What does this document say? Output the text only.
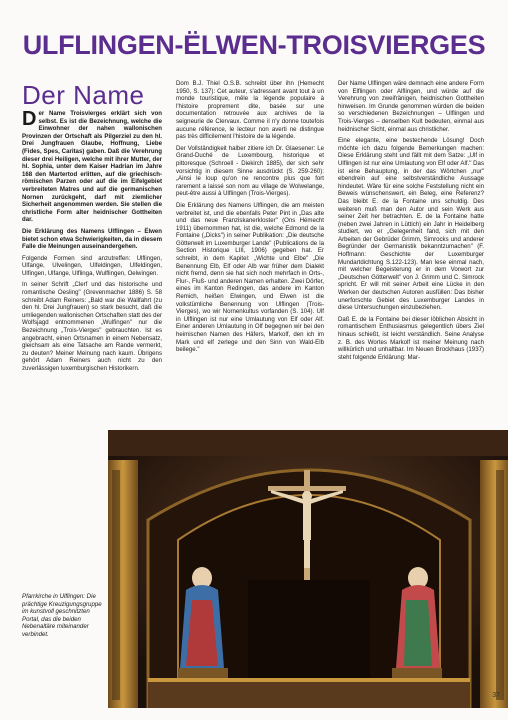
ULFLINGEN-ËLWEN-TROISVIERGES
Der Name

Der Name Troisvierges erklärt sich von selbst. Es ist die Bezeichnung, welche die Einwohner der nahen wallonischen Provinzen der Ortschaft als Pilgerziel zu den hl. Drei Jungfrauen Glaube, Hoffnung, Liebe (Fides, Spes, Caritas) gaben. Daß die Verehrung dieser drei Heiligen, welche mit ihrer Mutter, der hl. Sophia, unter dem Kaiser Hadrian im Jahre 168 den Martertod erlitten, auf die griechisch-römischen Parzen oder auf die im Eifelgebiet verbreiteten Matres und auf die germanischen Nornen zurückgeht, darf mit ziemlicher Sicherheit angenommen werden. Sie stellen die christliche Form alter heidnischer Gottheiten dar.

Die Erklärung des Namens Ulflingen – Ëlwen bietet schon etwa Schwierigkeiten, da in diesem Falle die Meinungen auseinandergehen.

Folgende Formen sind anzutreffen: Ulflingen, Ulfange, Ulvelingen, Ulfeldingen, Ulfeldingen, Ulfingen, Ulfange, Ulflinga, Wulflingen, Oelwingen.

In seiner Schrift „Clerf und das historische und romantische Oesling" (Grevenmacher 1886) S. 58 schreibt Adam Reiners: „Bald war die Wallfahrt (zu den hl. Drei Jungfrauen) so stark besucht, daß die umliegenden wallonischen Ortschaften statt des der Wolfsjagd entnommenen „Wulfingen" nur die Bezeichnung „Trois-Vierges" gebrauchten. Ist es angebracht, einen Ortsnamen in einem Nebensatz, gleichsam als eine Tatsache am Rande vermerkt, zu deuten? Meiner Meinung nach kaum. Übrigens gehört Adam Reiners auch nicht zu den zuverlässigen luxemburgischen Historikern.

Dom B.J. Thiel O.S.B. schreibt über ihn (Hemecht 1950, S. 137): Cet auteur, s'adressant avant tout à un monde touristique, mêle la légende populaire à l'histoire proprement dite, basée sur une documentation retrouvée aux archives de la seigneurie de Clervaux. Comme il n'y donne toutefois aucune référence, le lecteur non averti ne distingue pas très difficilement l'histoire de la légende.

Der Vollständigkeit halber zitiere ich Dr. Glaesener: Le Grand-Duché de Luxembourg, historique et pittoresque (Schroell - Diekirch 1885), der sich sehr vorsichtig in diesem Sinne ausdrückt (S. 259-260): „Ainsi le loup qu'on ne rencontre plus que fort rarement a laissé son nom au village de Wolwelange, peut-être aussi à Ulflingen (Trois-Vierges).

Die Erklärung des Namens Ulflingen, die am meisten verbreitet ist, und die ebenfalls Peter Pint in „Das alte und das neue Franziskanerkloster" (Ons Hémecht 1911) übernommen hat, ist die, welche Edmond de la Fontaine („Dicks") in seiner Publikation: „Die deutsche Götterwelt im Luxemburger Lande" (Publications de la Section Historique LIII, 1906) gegeben hat. Er schreibt, in dem Kapitel: „Wichte und Elbe" „Die Benennung Elb, Elf oder Alb war früher dem Dialekt nicht fremd, denn sie hat sich noch mehrfach in Orts-, Flur-, Fluß- und anderen Namen erhalten. Zwei Dörfer, eines im Kanton Redingen, das andere im Kanton Remich, heißen Elwingen, und Elwen ist die volkstümliche Benennung von Ulflingen (Trois-Vierges), wo wir Nornenkultus vorfanden (S. 104). Ulf in Ulflingen ist nur eine Umlautung von Elf oder Alf. Einer anderen Umlautung in Olf begegnen wir bei den heimischen Namen des Häfers, Markolf, den ich im Mark und elf zerlege und den Sinn von Wald-Elb beilege."

Der Name Ulflingen wäre demnach eine andere Form von Elflingen oder Alflingen, und würde auf die Verehrung von zweifränigen, heidnischen Gottheiten hinweisen. Im Grunde genommen würden die beiden so verschiedenen Bezeichnungen – Ulflingen und Trois-Vierges – denselben Kult bedeuten, einmal aus heidnischer Sicht, einmal aus christlicher.

Eine elegante, eine bestechende Lösung! Doch möchte ich dazu folgende Bemerkungen machen: Diese Erklärung steht und fällt mit dem Satze: „Ulf in Ulflingen ist nur eine Umlautung von Elf oder Alf." Das ist eine Behauptung, in der das Wörtchen „nur" ebendrein auf eine selbstverständliche Aussage hindeutet. Wäre für eine solche Feststellung nicht ein Beweis wünschenswert, ein Beleg, eine Referenz? Das bleibt E. de la Fontaine uns schuldig. Des weiteren muß man den Autor und sein Werk aus seiner Zeit her betrachten. E. de la Fontaine hatte (neben zwei Jahren in Lüttich) ein Jahr in Heidelberg studiert, wo er „Gelegenheit fand, sich mit den Arbeiten der Gebrüder Grimm, Simrocks und anderer Begründer der Germanistik bekanntzumachen" (F. Hoffmann: Geschichte der Luxemburger Mundartdichtung S.122-123). Man lese einmal nach, mit welcher Begeisterung er in dem Vorwort zur „Deutschen Götterwelt" von J. Grimm und C. Simrock spricht. Er will mit seiner Arbeit eine Lücke in den Werken der deutschen Autoren ausfüllen: Das bisher unerforschte Gebiet des Luxemburger Landes in diese Untersuchungen einzubeziehen.

Daß E. de la Fontaine bei dieser löblichen Absicht in romantischem Enthusiasmus gelegentlich übers Ziel hinaus schießt, ist leicht verständlich. Seine Analyse z. B. des Wortes Markolf ist meiner Meinung nach willkürlich und unhaltbar. Im Neuen Brockhaus (1937) steht folgende Erklärung: Mar-

Pfarrkirche in Ulflingen: Die prächtige Kreuzigungsgruppe im kunstvoll geschnitzten Portal, das die beiden Nebenaltäre miteinander verbindet.
37
